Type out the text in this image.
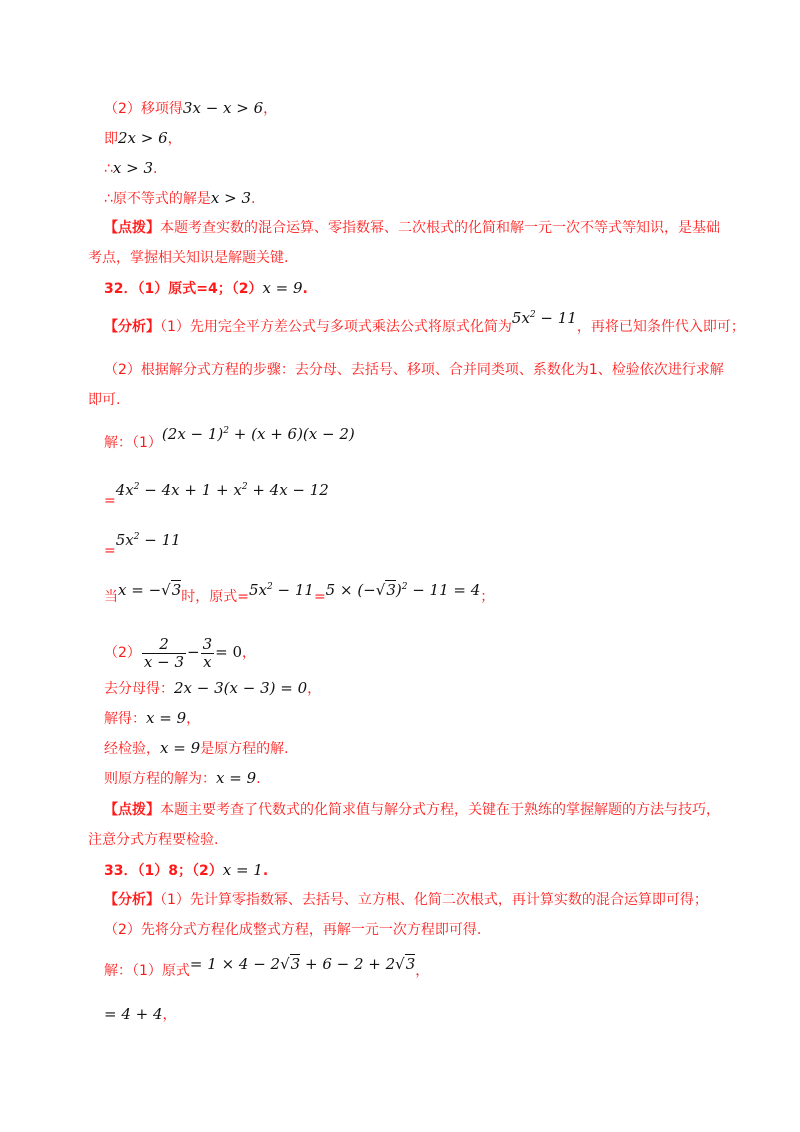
（2）移项得3x − x > 6，
即2x > 6，
∴x > 3.
∴原不等式的解是x > 3.
【点拨】本题考查实数的混合运算、零指数幂、二次根式的化简和解一元一次不等式等知识，是基础
考点，掌握相关知识是解题关键.
32．（1）原式=4；（2）x = 9.
【分析】（1）先用完全平方差公式与多项式乘法公式将原式化简为$5x^2 - 11$，再将已知条件代入即可；
（2）根据解分式方程的步骤：去分母、去括号、移项、合并同类项、系数化为1、检验依次进行求解
即可.
解：$(1)(2x - 1)^2 + (x + 6)(x - 2)$
$=4x^2 - 4x + 1 + x^2 + 4x - 12$
$=5x^2 - 11$
当x = −√3时，原式$=5x^2 - 11=5 \times (-√3)^2 - 11 = 4$；
$(2) \frac{2}{x - 3} - \frac{3}{x} = 0$，
去分母得：2x − 3(x − 3) = 0，
解得：x = 9，
经检验，x = 9是原方程的解.
则原方程的解为：x = 9.
【点拨】本题主要考查了代数式的化简求值与解分式方程，关键在于熟练的掌握解题的方法与技巧，
注意分式方程要检验.
33．（1）8；（2）x = 1.
【分析】（1）先计算零指数幂、去括号、立方根、化简二次根式，再计算实数的混合运算即可得；
（2）先将分式方程化成整式方程，再解一元一次方程即可得.
解：（1）原式= 1 × 4 − 2√3 + 6 − 2 + 2√3，
= 4 + 4，
